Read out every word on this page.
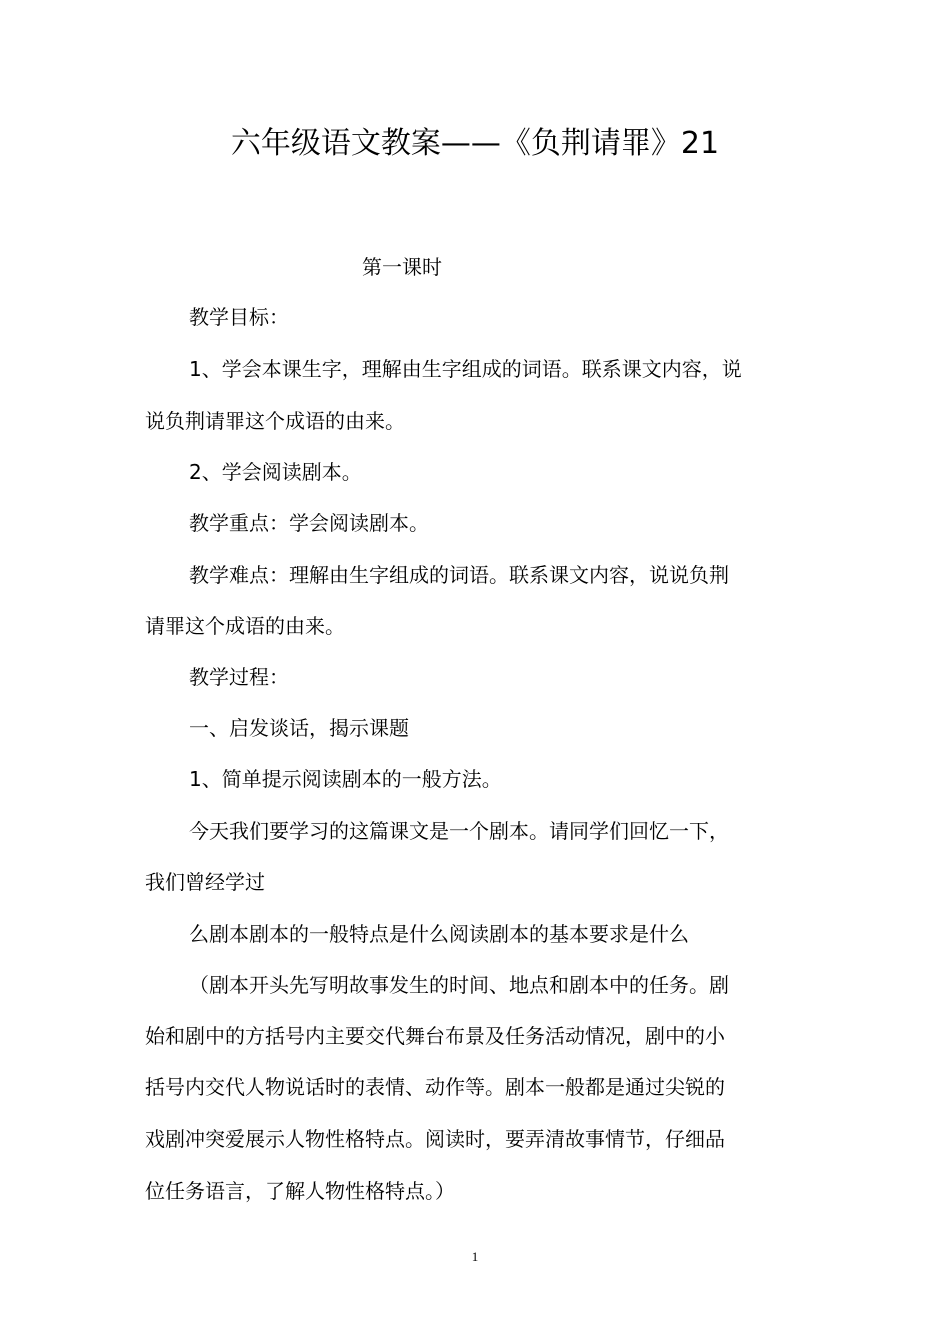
六年级语文教案——《负荆请罪》21
第一课时
教学目标：
1、学会本课生字，理解由生字组成的词语。联系课文内容，说
说负荆请罪这个成语的由来。
2、学会阅读剧本。
教学重点：学会阅读剧本。
教学难点：理解由生字组成的词语。联系课文内容，说说负荆
请罪这个成语的由来。
教学过程：
一、启发谈话，揭示课题
1、简单提示阅读剧本的一般方法。
今天我们要学习的这篇课文是一个剧本。请同学们回忆一下，
我们曾经学过
么剧本剧本的一般特点是什么阅读剧本的基本要求是什么
（剧本开头先写明故事发生的时间、地点和剧本中的任务。剧
始和剧中的方括号内主要交代舞台布景及任务活动情况，剧中的小
括号内交代人物说话时的表情、动作等。剧本一般都是通过尖锐的
戏剧冲突爱展示人物性格特点。阅读时，要弄清故事情节，仔细品
位任务语言，了解人物性格特点。）
1
